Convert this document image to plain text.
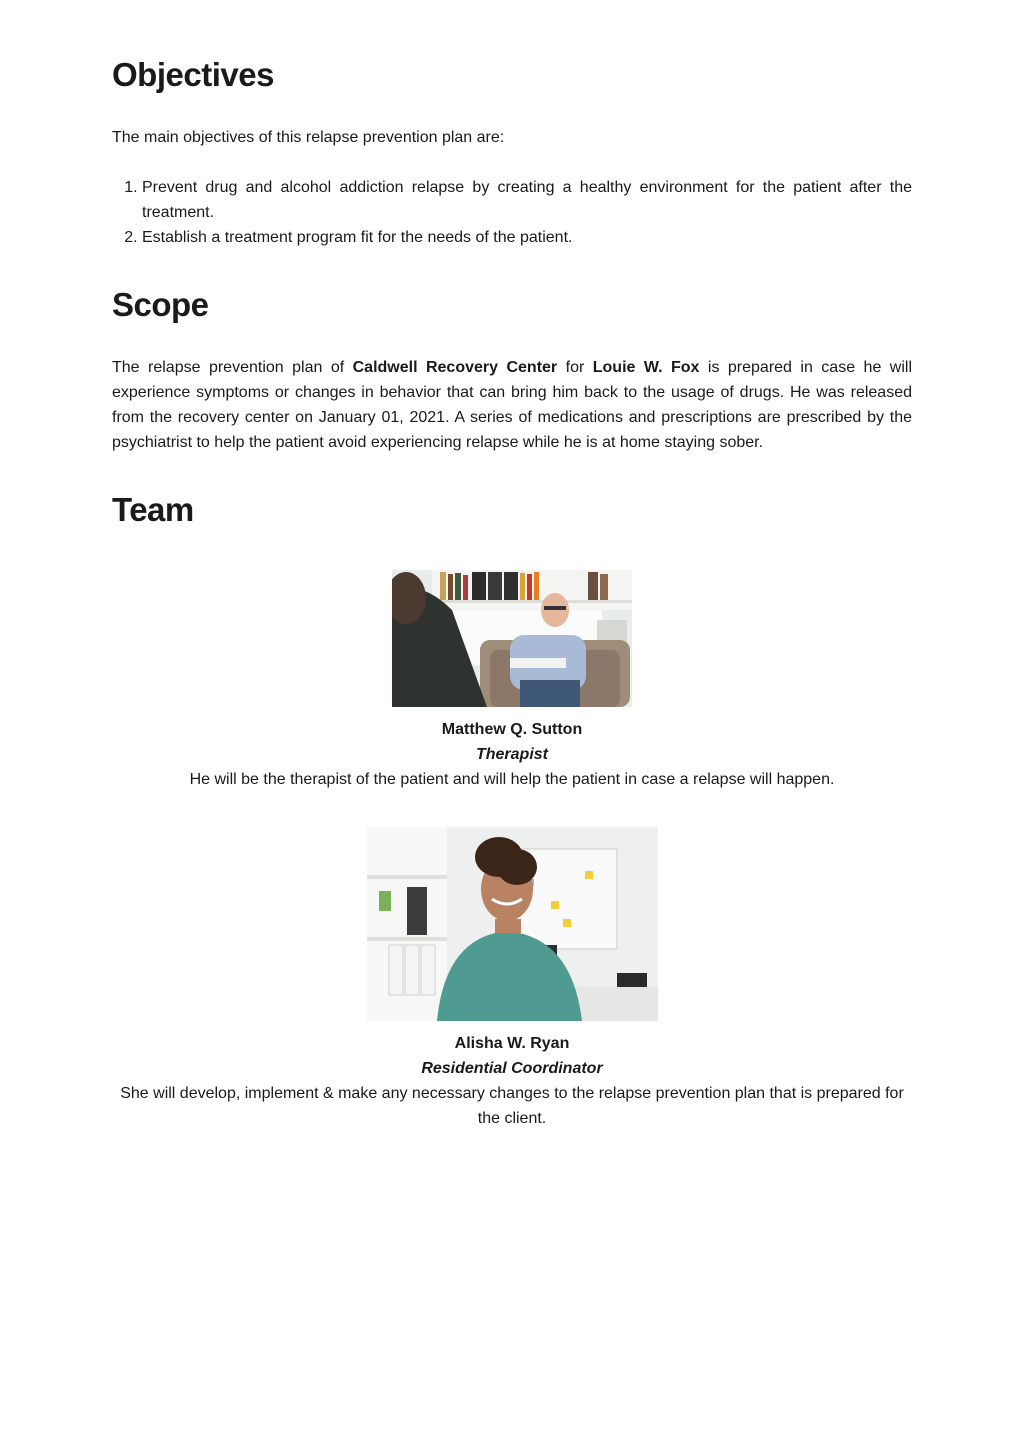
Objectives

The main objectives of this relapse prevention plan are:

1. Prevent drug and alcohol addiction relapse by creating a healthy environment for the patient after the treatment.
2. Establish a treatment program fit for the needs of the patient.
Scope

The relapse prevention plan of Caldwell Recovery Center for Louie W. Fox is prepared in case he will experience symptoms or changes in behavior that can bring him back to the usage of drugs. He was released from the recovery center on January 01, 2021. A series of medications and prescriptions are prescribed by the psychiatrist to help the patient avoid experiencing relapse while he is at home staying sober.

Team

Matthew Q. Sutton

Therapist

He will be the therapist of the patient and will help the patient in case a relapse will happen.

Alisha W. Ryan

Residential Coordinator

She will develop, implement & make any necessary changes to the relapse prevention plan that is prepared for the client.
